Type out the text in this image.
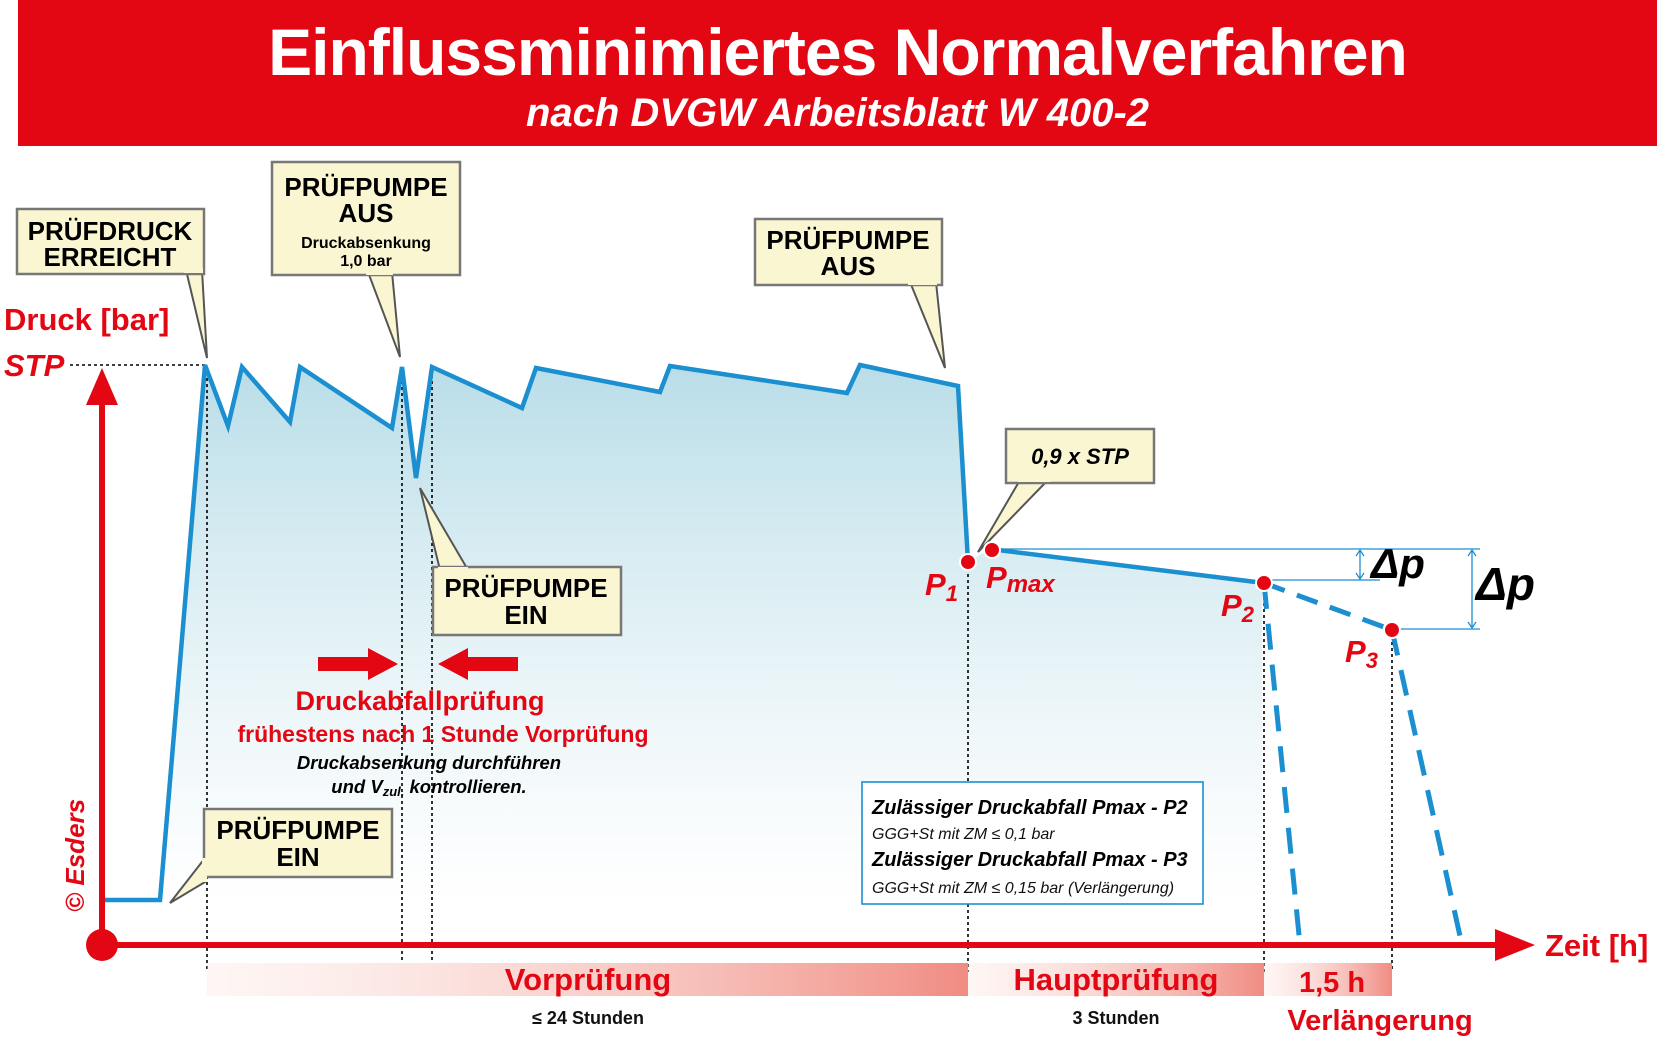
Einflussminimiertes Normalverfahren
nach DVGW Arbeitsblatt W 400-2
Druck [bar]
STP
Zeit [h]
© Esders
PRÜFDRUCK
ERREICHT
PRÜFPUMPE
AUS
Druckabsenkung
1,0 bar
PRÜFPUMPE
AUS
PRÜFPUMPE
EIN
PRÜFPUMPE
EIN
0,9 x STP
P1 Pmax
P2
P3
Δp Δp
Druckabfallprüfung
frühestens nach 1 Stunde Vorprüfung
Druckabsenkung durchführen
und Vzul. kontrollieren.
Zulässiger Druckabfall Pmax - P2
GGG+St mit ZM ≤ 0,1 bar
Zulässiger Druckabfall Pmax - P3
GGG+St mit ZM ≤ 0,15 bar (Verlängerung)
Vorprüfung
≤ 24 Stunden
Hauptprüfung
3 Stunden
1,5 h
Verlängerung
